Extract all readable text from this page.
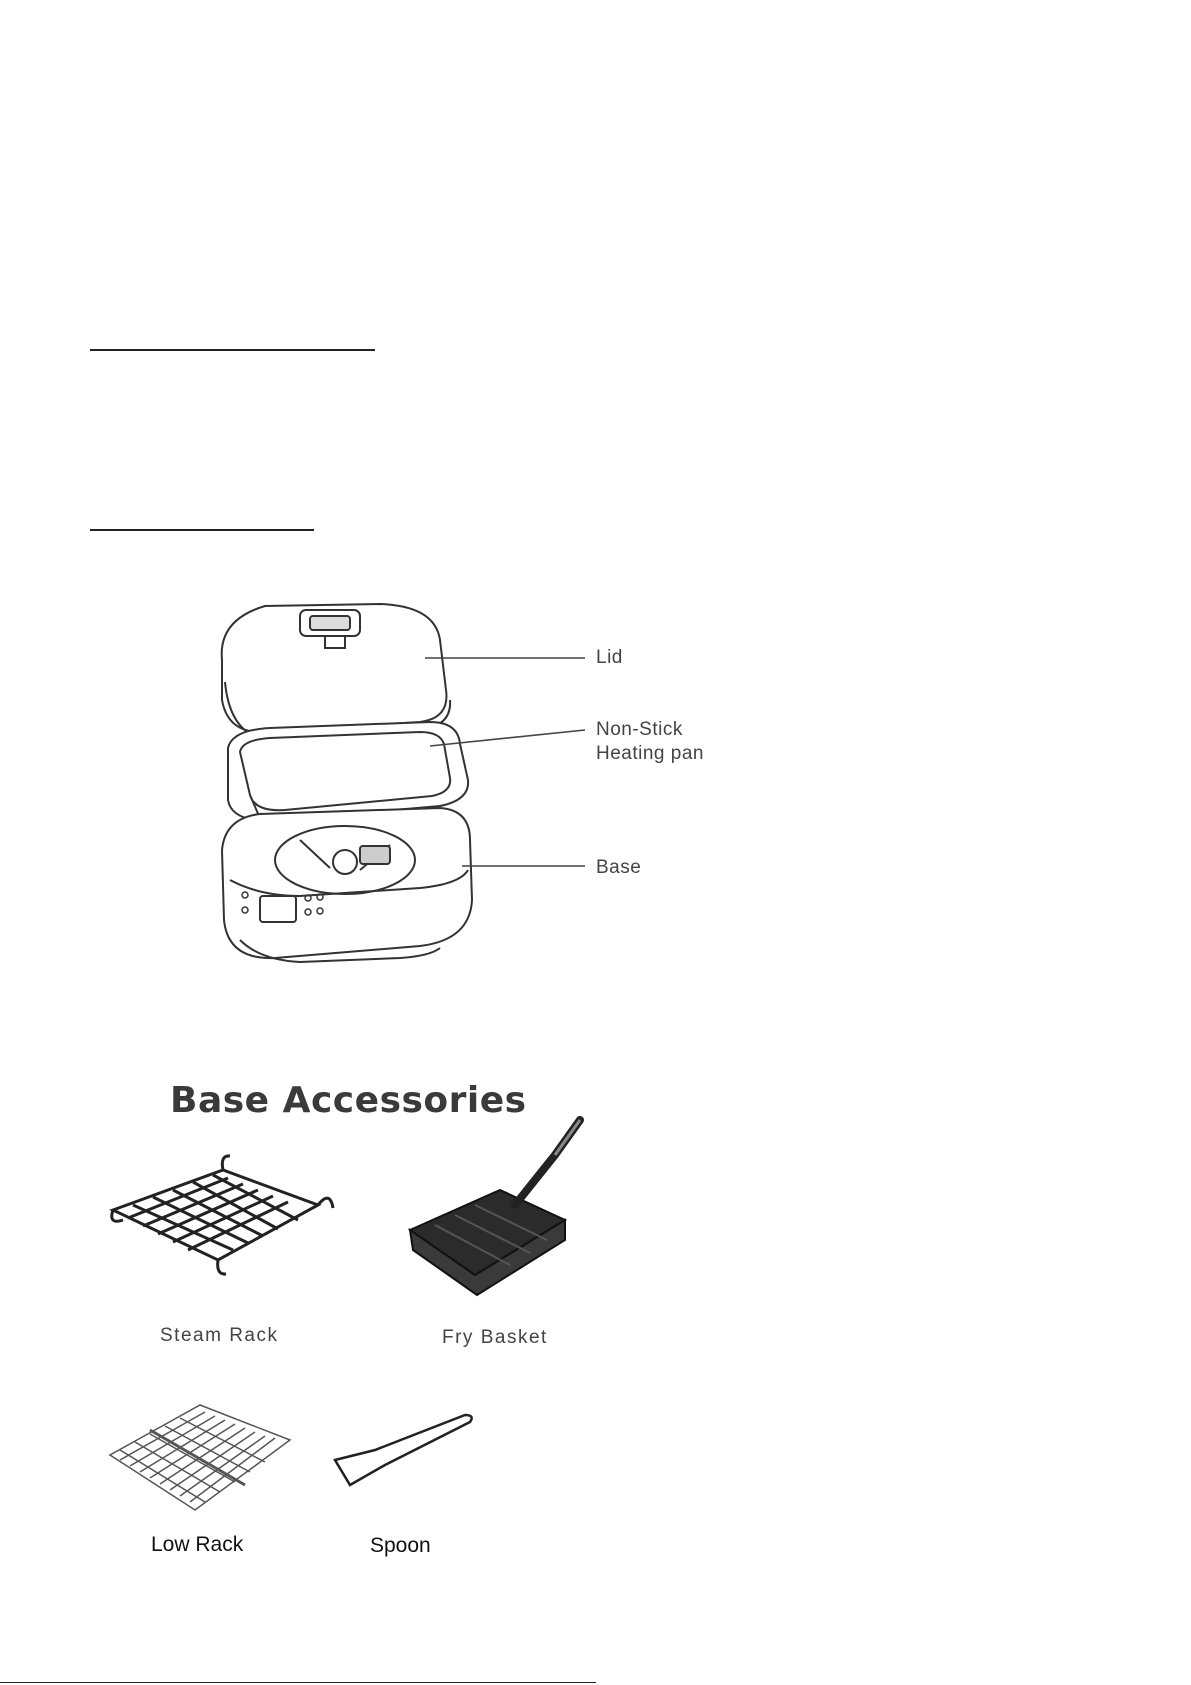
Lid
Non-Stick
Heating pan
Base
Base Accessories
Steam Rack	Fry Basket
Low Rack	Spoon
